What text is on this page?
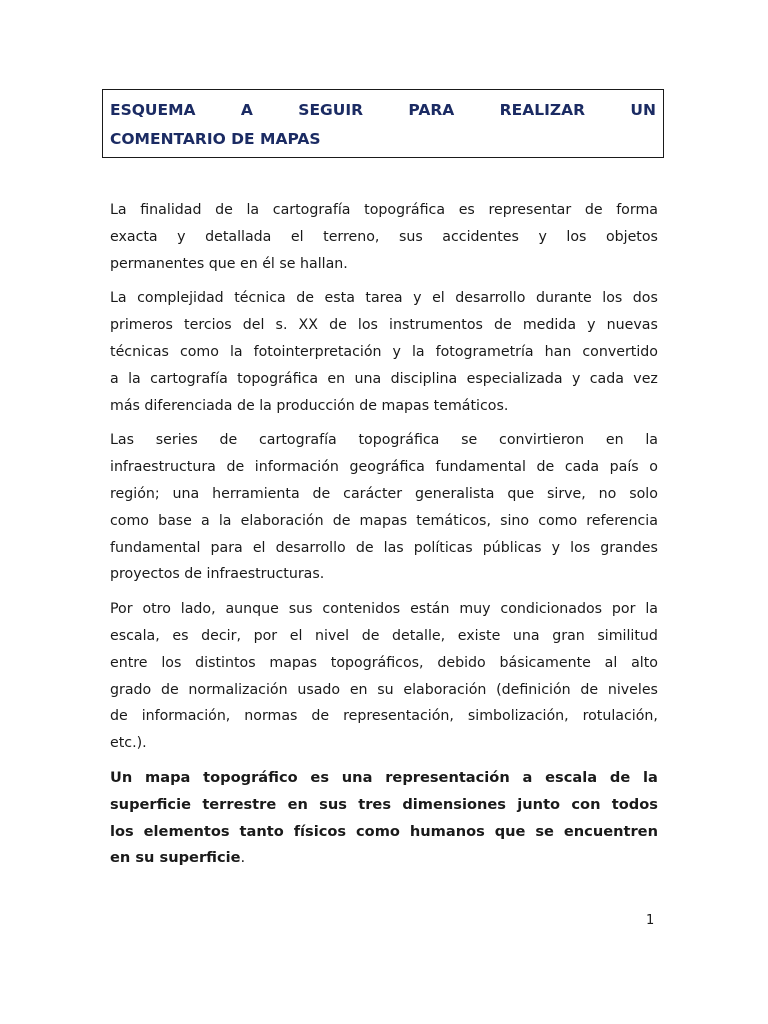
ESQUEMA	A	SEGUIR	PARA	REALIZAR	UN
COMENTARIO DE MAPAS
La finalidad de la cartografía topográfica es representar de forma
exacta y detallada el terreno, sus accidentes y los objetos
permanentes que en él se hallan.
La complejidad técnica de esta tarea y el desarrollo durante los dos
primeros tercios del s. XX de los instrumentos de medida y nuevas
técnicas como la fotointerpretación y la fotogrametría han convertido
a la cartografía topográfica en una disciplina especializada y cada vez
más diferenciada de la producción de mapas temáticos.
Las series de cartografía topográfica se convirtieron en la
infraestructura de información geográfica fundamental de cada país o
región; una herramienta de carácter generalista que sirve, no solo
como base a la elaboración de mapas temáticos, sino como referencia
fundamental para el desarrollo de las políticas públicas y los grandes
proyectos de infraestructuras.
Por otro lado, aunque sus contenidos están muy condicionados por la
escala, es decir, por el nivel de detalle, existe una gran similitud
entre los distintos mapas topográficos, debido básicamente al alto
grado de normalización usado en su elaboración (definición de niveles
de información, normas de representación, simbolización, rotulación,
etc.).
Un mapa topográfico es una representación a escala de la
superficie terrestre en sus tres dimensiones junto con todos
los elementos tanto físicos como humanos que se encuentren
en su superficie.
1
